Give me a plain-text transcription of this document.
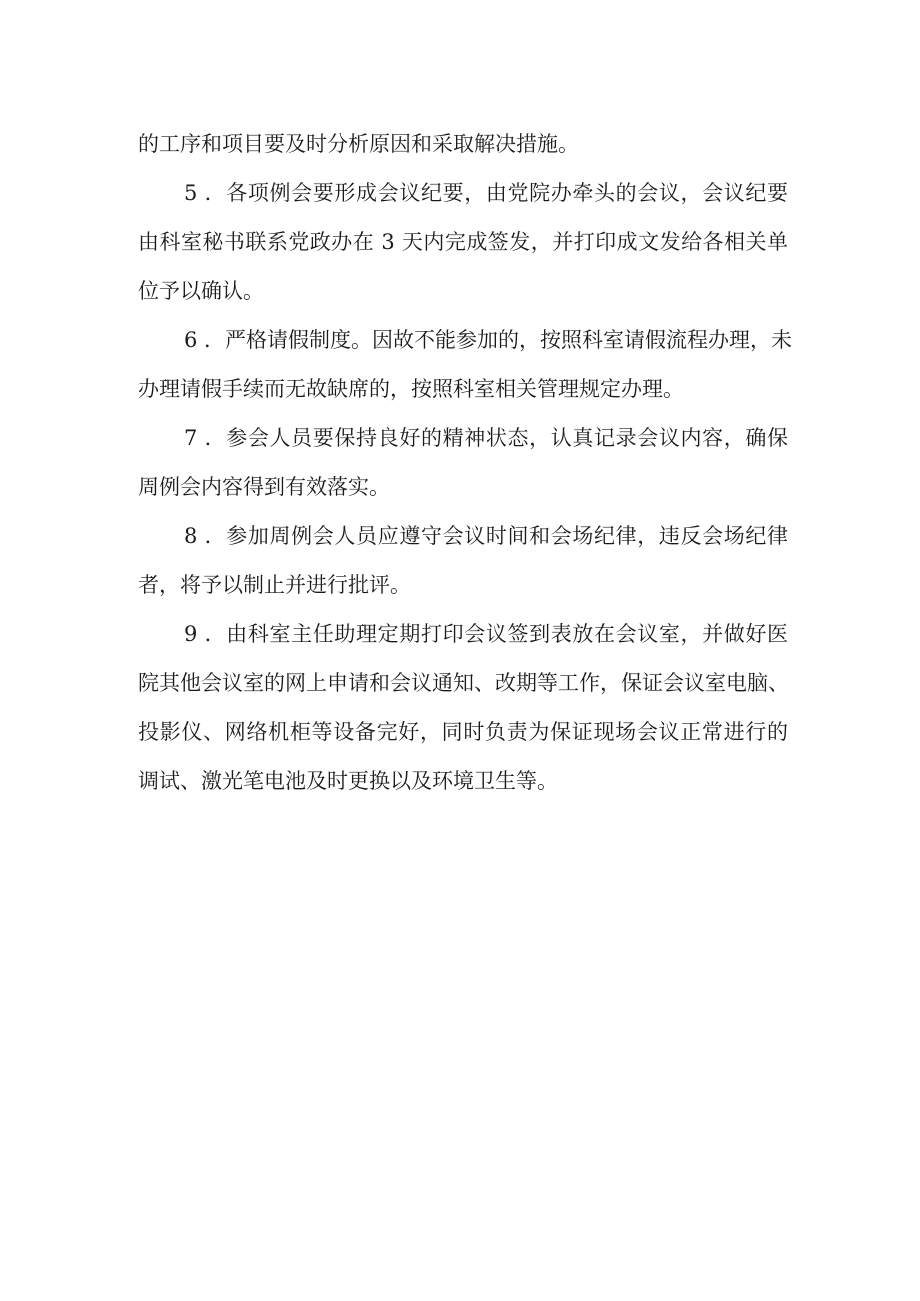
的工序和项目要及时分析原因和采取解决措施。
5 ．各项例会要形成会议纪要，由党院办牵头的会议，会议纪要
由科室秘书联系党政办在 3 天内完成签发，并打印成文发给各相关单
位予以确认。
6 ．严格请假制度。因故不能参加的，按照科室请假流程办理，未
办理请假手续而无故缺席的，按照科室相关管理规定办理。
7 ．参会人员要保持良好的精神状态，认真记录会议内容，确保
周例会内容得到有效落实。
8 ．参加周例会人员应遵守会议时间和会场纪律，违反会场纪律
者，将予以制止并进行批评。
9 ．由科室主任助理定期打印会议签到表放在会议室，并做好医
院其他会议室的网上申请和会议通知、改期等工作，保证会议室电脑、
投影仪、网络机柜等设备完好，同时负责为保证现场会议正常进行的
调试、激光笔电池及时更换以及环境卫生等。
